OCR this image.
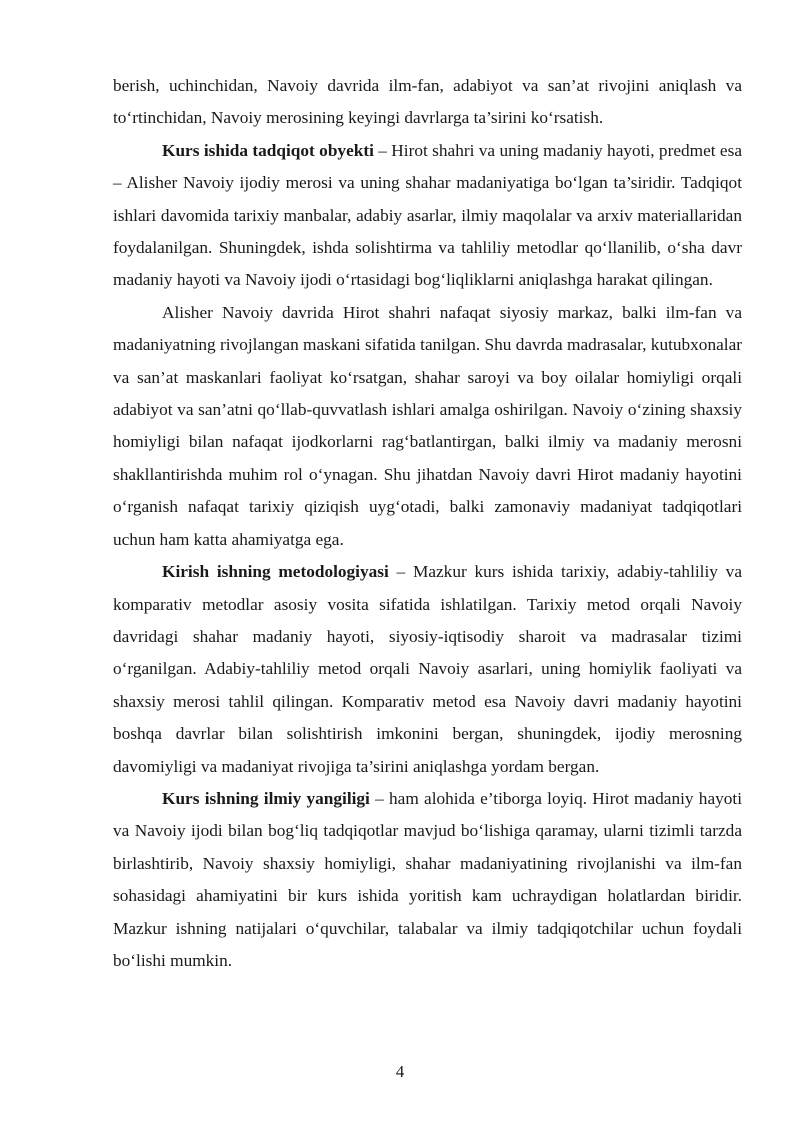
berish, uchinchidan, Navoiy davrida ilm-fan, adabiyot va san’at rivojini aniqlash va to‘rtinchidan, Navoiy merosining keyingi davrlarga ta’sirini ko‘rsatish.

Kurs ishida tadqiqot obyekti – Hirot shahri va uning madaniy hayoti, predmet esa – Alisher Navoiy ijodiy merosi va uning shahar madaniyatiga bo‘lgan ta’siridir. Tadqiqot ishlari davomida tarixiy manbalar, adabiy asarlar, ilmiy maqolalar va arxiv materiallaridan foydalanilgan. Shuningdek, ishda solishtirma va tahliliy metodlar qo‘llanilib, o‘sha davr madaniy hayoti va Navoiy ijodi o‘rtasidagi bog‘liqliklarni aniqlashga harakat qilingan.

Alisher Navoiy davrida Hirot shahri nafaqat siyosiy markaz, balki ilm-fan va madaniyatning rivojlangan maskani sifatida tanilgan. Shu davrda madrasalar, kutubxonalar va san’at maskanlari faoliyat ko‘rsatgan, shahar saroyi va boy oilalar homiyligi orqali adabiyot va san’atni qo‘llab-quvvatlash ishlari amalga oshirilgan. Navoiy o‘zining shaxsiy homiyligi bilan nafaqat ijodkorlarni rag‘batlantirgan, balki ilmiy va madaniy merosni shakllantirishda muhim rol o‘ynagan. Shu jihatdan Navoiy davri Hirot madaniy hayotini o‘rganish nafaqat tarixiy qiziqish uyg‘otadi, balki zamonaviy madaniyat tadqiqotlari uchun ham katta ahamiyatga ega.

Kirish ishning metodologiyasi – Mazkur kurs ishida tarixiy, adabiy-tahliliy va komparativ metodlar asosiy vosita sifatida ishlatilgan. Tarixiy metod orqali Navoiy davridagi shahar madaniy hayoti, siyosiy-iqtisodiy sharoit va madrasalar tizimi o‘rganilgan. Adabiy-tahliliy metod orqali Navoiy asarlari, uning homiylik faoliyati va shaxsiy merosi tahlil qilingan. Komparativ metod esa Navoiy davri madaniy hayotini boshqa davrlar bilan solishtirish imkonini bergan, shuningdek, ijodiy merosning davomiyligi va madaniyat rivojiga ta’sirini aniqlashga yordam bergan.

Kurs ishning ilmiy yangiligi – ham alohida e’tiborga loyiq. Hirot madaniy hayoti va Navoiy ijodi bilan bog‘liq tadqiqotlar mavjud bo‘lishiga qaramay, ularni tizimli tarzda birlashtirib, Navoiy shaxsiy homiyligi, shahar madaniyatining rivojlanishi va ilm-fan sohasidagi ahamiyatini bir kurs ishida yoritish kam uchraydigan holatlardan biridir. Mazkur ishning natijalari o‘quvchilar, talabalar va ilmiy tadqiqotchilar uchun foydali bo‘lishi mumkin.

4
